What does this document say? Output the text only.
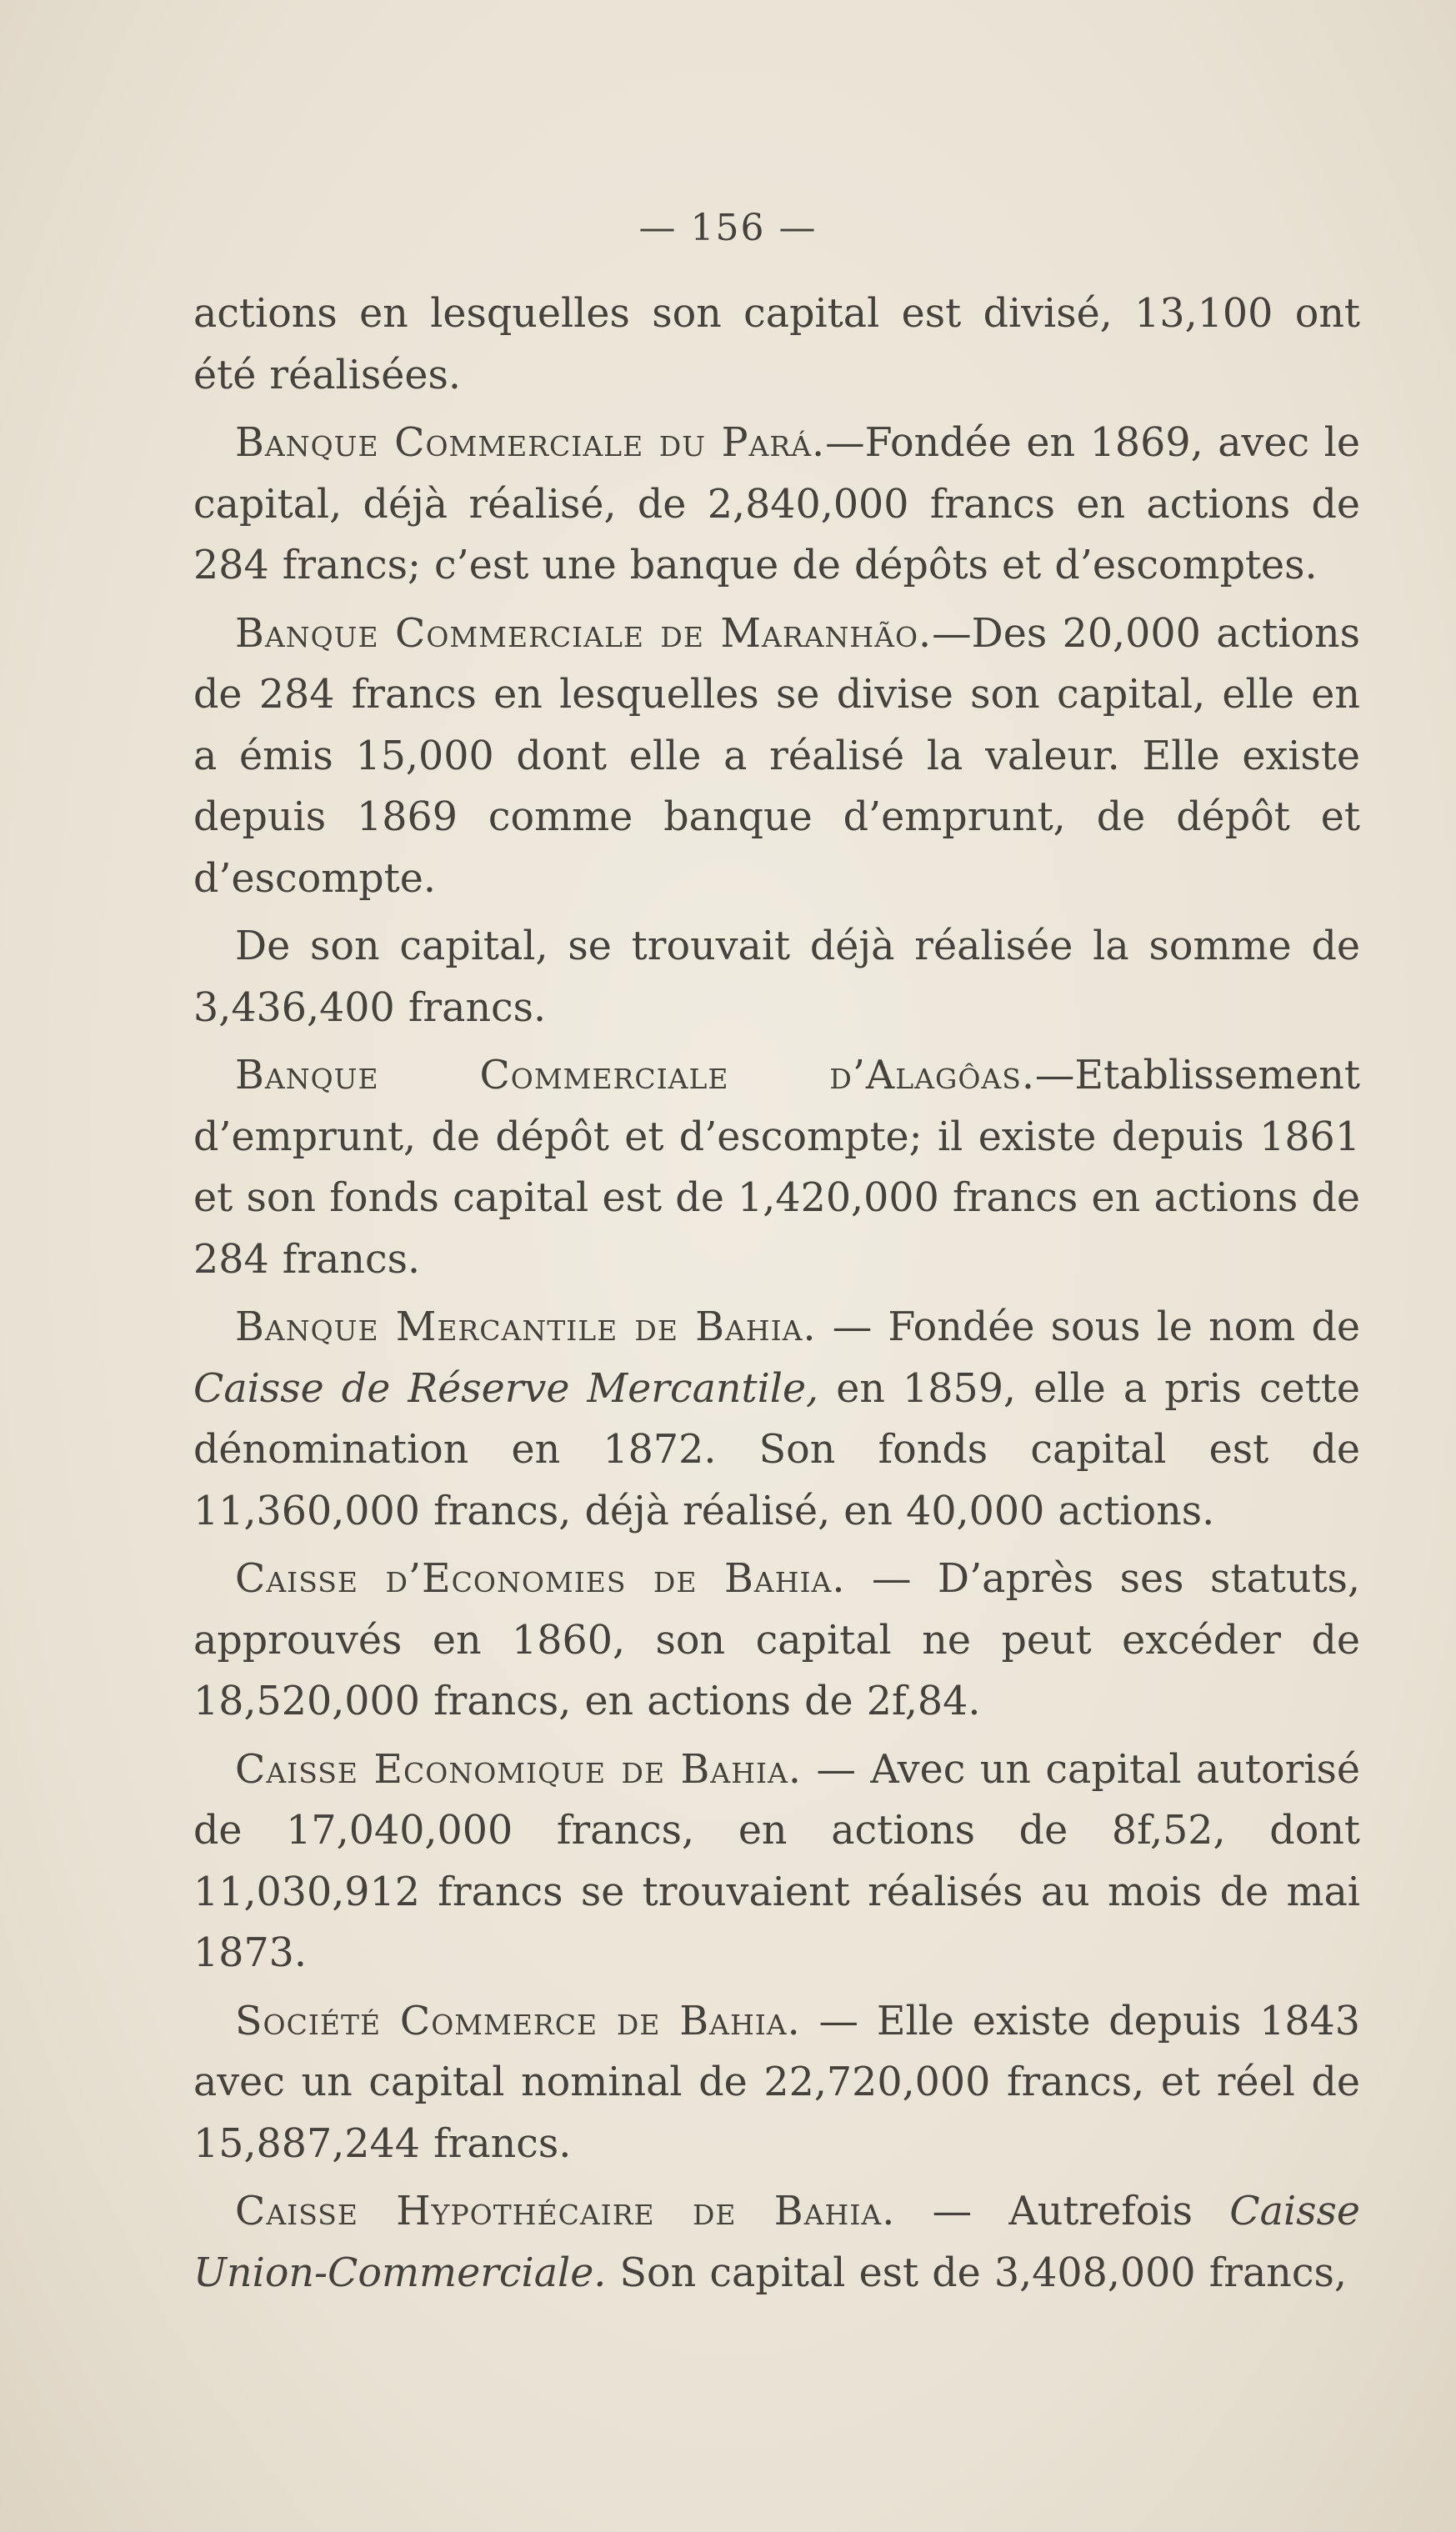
— 156 —

actions en lesquelles son capital est divisé, 13,100 ont été réalisées.

Banque Commerciale du Pará.—Fondée en 1869, avec le capital, déjà réalisé, de 2,840,000 francs en actions de 284 francs; c’est une banque de dépôts et d’escomptes.

Banque Commerciale de Maranhão.—Des 20,000 actions de 284 francs en lesquelles se divise son capital, elle en a émis 15,000 dont elle a réalisé la valeur. Elle existe depuis 1869 comme banque d’emprunt, de dépôt et d’escompte.

De son capital, se trouvait déjà réalisée la somme de 3,436,400 francs.

Banque Commerciale d’Alagôas.—Etablissement d’emprunt, de dépôt et d’escompte; il existe depuis 1861 et son fonds capital est de 1,420,000 francs en actions de 284 francs.

Banque Mercantile de Bahia. — Fondée sous le nom de Caisse de Réserve Mercantile, en 1859, elle a pris cette dénomination en 1872. Son fonds capital est de 11,360,000 francs, déjà réalisé, en 40,000 actions.

Caisse d’Economies de Bahia. — D’après ses statuts, approuvés en 1860, son capital ne peut excéder de 18,520,000 francs, en actions de 2f,84.

Caisse Economique de Bahia. — Avec un capital autorisé de 17,040,000 francs, en actions de 8f,52, dont 11,030,912 francs se trouvaient réalisés au mois de mai 1873.

Société Commerce de Bahia. — Elle existe depuis 1843 avec un capital nominal de 22,720,000 francs, et réel de 15,887,244 francs.

Caisse Hypothécaire de Bahia. — Autrefois Caisse Union-Commerciale. Son capital est de 3,408,000 francs,
